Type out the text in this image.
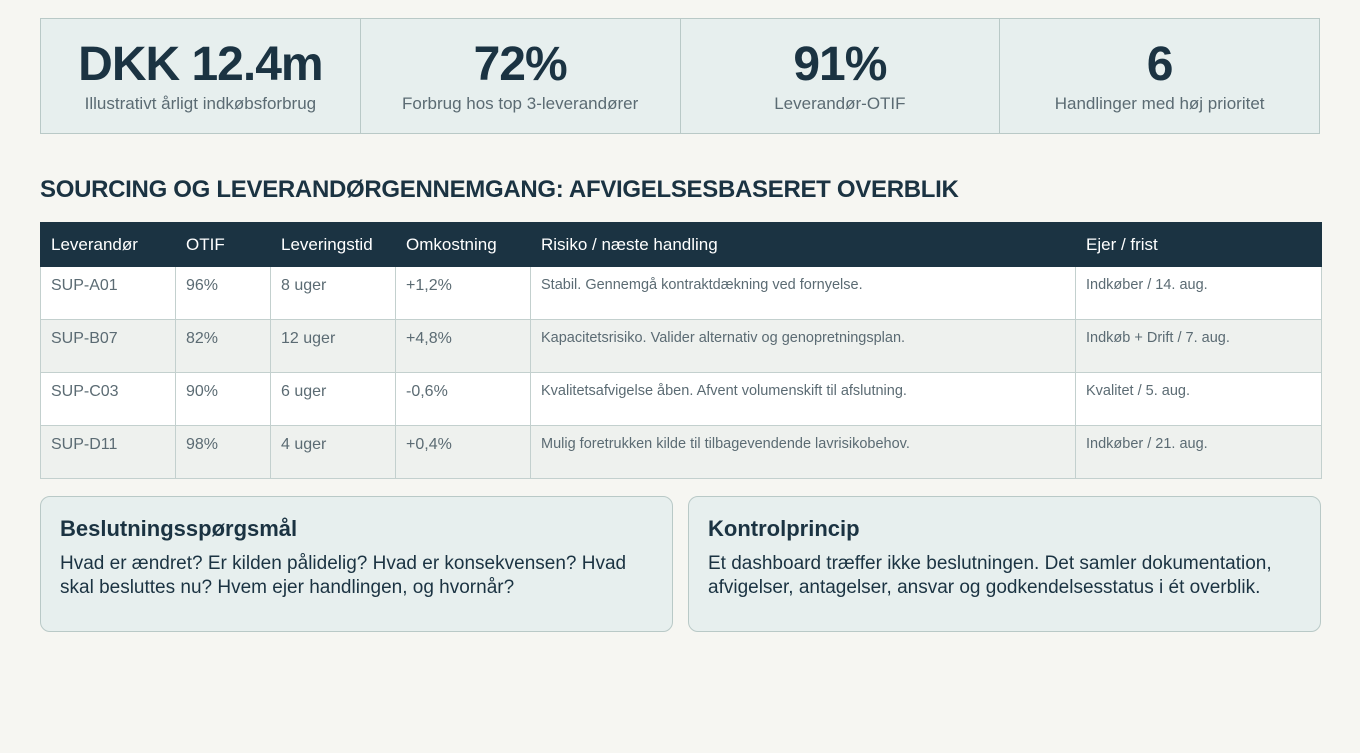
DKK 12.4m
Illustrativt årligt indkøbsforbrug
72%
Forbrug hos top 3-leverandører
91%
Leverandør-OTIF
6
Handlinger med høj prioritet
SOURCING OG LEVERANDØRGENNEMGANG: AFVIGELSESBASERET OVERBLIK
Leverandør	OTIF	Leveringstid	Omkostning	Risiko / næste handling	Ejer / frist
SUP-A01	96%	8 uger	+1,2%	Stabil. Gennemgå kontraktdækning ved fornyelse.	Indkøber / 14. aug.
SUP-B07	82%	12 uger	+4,8%	Kapacitetsrisiko. Valider alternativ og genopretningsplan.	Indkøb + Drift / 7. aug.
SUP-C03	90%	6 uger	-0,6%	Kvalitetsafvigelse åben. Afvent volumenskift til afslutning.	Kvalitet / 5. aug.
SUP-D11	98%	4 uger	+0,4%	Mulig foretrukken kilde til tilbagevendende lavrisikobehov.	Indkøber / 21. aug.
Beslutningsspørgsmål

Hvad er ændret? Er kilden pålidelig? Hvad er konsekvensen? Hvad skal besluttes nu? Hvem ejer handlingen, og hvornår?

Kontrolprincip

Et dashboard træffer ikke beslutningen. Det samler dokumentation, afvigelser, antagelser, ansvar og godkendelsesstatus i ét overblik.
